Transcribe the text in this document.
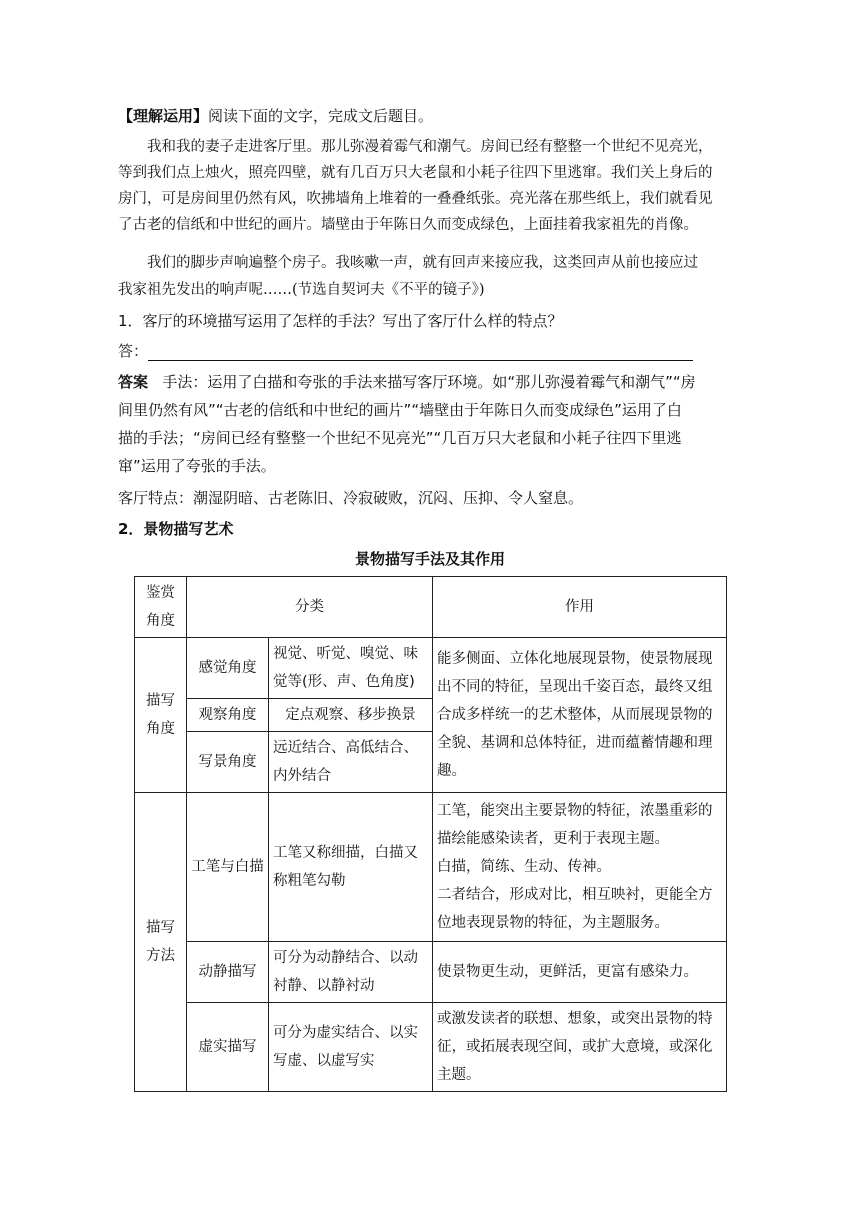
【理解运用】阅读下面的文字，完成文后题目。
我和我的妻子走进客厅里。那儿弥漫着霉气和潮气。房间已经有整整一个世纪不见亮光，
等到我们点上烛火，照亮四壁，就有几百万只大老鼠和小耗子往四下里逃窜。我们关上身后的
房门，可是房间里仍然有风，吹拂墙角上堆着的一叠叠纸张。亮光落在那些纸上，我们就看见
了古老的信纸和中世纪的画片。墙壁由于年陈日久而变成绿色，上面挂着我家祖先的肖像。
我们的脚步声响遍整个房子。我咳嗽一声，就有回声来接应我，这类回声从前也接应过
我家祖先发出的响声呢……(节选自契诃夫《不平的镜子》)
1．客厅的环境描写运用了怎样的手法？写出了客厅什么样的特点？
答：
答案 手法：运用了白描和夸张的手法来描写客厅环境。如“那儿弥漫着霉气和潮气”“房
间里仍然有风”“古老的信纸和中世纪的画片”“墙壁由于年陈日久而变成绿色”运用了白
描的手法；“房间已经有整整一个世纪不见亮光”“几百万只大老鼠和小耗子往四下里逃
窜”运用了夸张的手法。
客厅特点：潮湿阴暗、古老陈旧、冷寂破败，沉闷、压抑、令人窒息。
2．景物描写艺术
景物描写手法及其作用
鉴赏角度	分类		作用
描写角度	感觉角度	视觉、听觉、嗅觉、味觉等(形、声、色角度)	能多侧面、立体化地展现景物，使景物展现出不同的特征，呈现出千姿百态，最终又组合成多样统一的艺术整体，从而展现景物的全貌、基调和总体特征，进而蕴蓄情趣和理趣。
	观察角度	定点观察、移步换景	
	写景角度	远近结合、高低结合、内外结合	
描写方法	工笔与白描	工笔又称细描，白描又称粗笔勾勒	工笔，能突出主要景物的特征，浓墨重彩的描绘能感染读者，更利于表现主题。
白描，简练、生动、传神。
二者结合，形成对比，相互映衬，更能全方位地表现景物的特征，为主题服务。

	动静描写	可分为动静结合、以动衬静、以静衬动	使景物更生动，更鲜活，更富有感染力。
	虚实描写	可分为虚实结合、以实写虚、以虚写实	或激发读者的联想、想象，或突出景物的特征，或拓展表现空间，或扩大意境，或深化主题。
